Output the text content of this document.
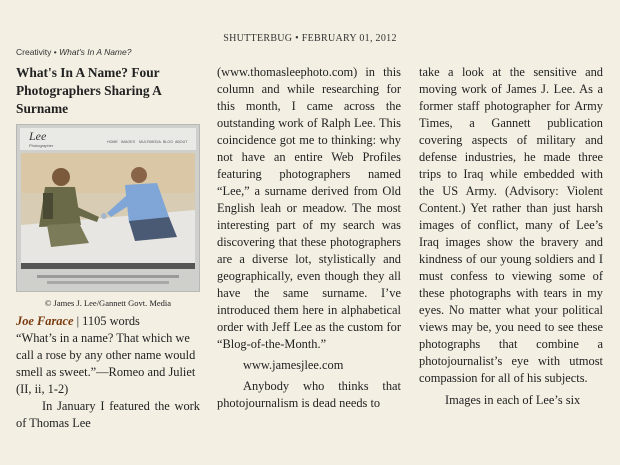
SHUTTERBUG • FEBRUARY 01, 2012
Creativity • What's In A Name?
What's In A Name? Four Photographers Sharing A Surname
Lee
Photographer
HOME IMAGES MULTIMEDIA BLOG ABOUT
© James J. Lee/Gannett Govt. Media

Joe Farace | 1105 words

“What’s in a name? That which we call a rose by any other name would smell as sweet.”—Romeo and Juliet (II, ii, 1-2)

In January I featured the work of Thomas Lee

(www.thomasleephoto.com) in this column and while researching for this month, I came across the outstanding work of Ralph Lee. This coincidence got me to thinking: why not have an entire Web Profiles featuring photographers named “Lee,” a surname derived from Old English leah or meadow. The most interesting part of my search was discovering that these photographers are a diverse lot, stylistically and geographically, even though they all have the same surname. I’ve introduced them here in alphabetical order with Jeff Lee as the custom for “Blog-of-the-Month.”

www.jamesjlee.com

Anybody who thinks that photojournalism is dead needs to

take a look at the sensitive and moving work of James J. Lee. As a former staff photographer for Army Times, a Gannett publication covering aspects of military and defense industries, he made three trips to Iraq while embedded with the US Army. (Advisory: Violent Content.) Yet rather than just harsh images of conflict, many of Lee’s Iraq images show the bravery and kindness of our young soldiers and I must confess to viewing some of these photographs with tears in my eyes. No matter what your political views may be, you need to see these photographs that combine a photojournalist’s eye with utmost compassion for all of his subjects.

Images in each of Lee’s six
